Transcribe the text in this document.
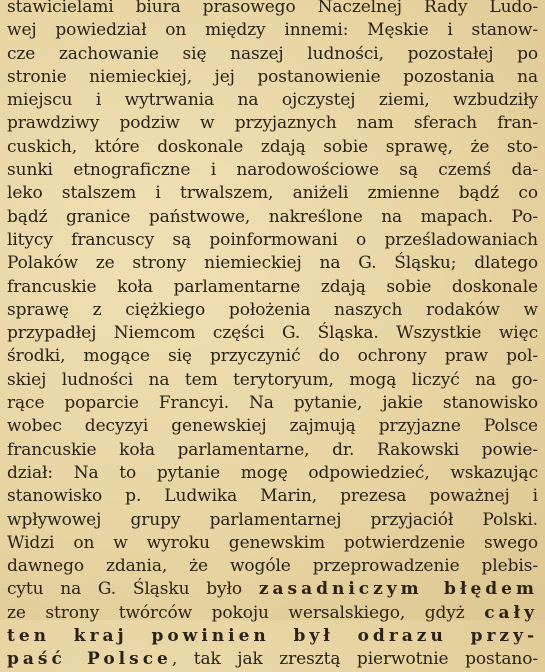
stawicielami biura prasowego Naczelnej Rady Ludo-
wej powiedział on między innemi: Męskie i stanow-
cze zachowanie się naszej ludności, pozostałej po
stronie niemieckiej, jej postanowienie pozostania na
miejscu i wytrwania na ojczystej ziemi, wzbudziły
prawdziwy podziw w przyjaznych nam sferach fran-
cuskich, które doskonale zdają sobie sprawę, że sto-
sunki etnograficzne i narodowościowe są czemś da-
leko stalszem i trwalszem, aniżeli zmienne bądź co
bądź granice państwowe, nakreślone na mapach. Po-
litycy francuscy są poinformowani o prześladowaniach
Polaków ze strony niemieckiej na G. Śląsku; dlatego
francuskie koła parlamentarne zdają sobie doskonale
sprawę z ciężkiego położenia naszych rodaków w
przypadłej Niemcom części G. Śląska. Wszystkie więc
środki, mogące się przyczynić do ochrony praw pol-
skiej ludności na tem terytoryum, mogą liczyć na go-
rące poparcie Francyi. Na pytanie, jakie stanowisko
wobec decyzyi genewskiej zajmują przyjazne Polsce
francuskie koła parlamentarne, dr. Rakowski powie-
dział: Na to pytanie mogę odpowiedzieć, wskazując
stanowisko p. Ludwika Marin, prezesa poważnej i
wpływowej grupy parlamentarnej przyjaciół Polski.
Widzi on w wyroku genewskim potwierdzenie swego
dawnego zdania, że wogóle przeprowadzenie plebis-
cytu na G. Śląsku było zasadniczym błędem
ze strony twórców pokoju wersalskiego, gdyż cały
ten kraj powinien był odrazu przy-
paść Polsce, tak jak zresztą pierwotnie postano-
